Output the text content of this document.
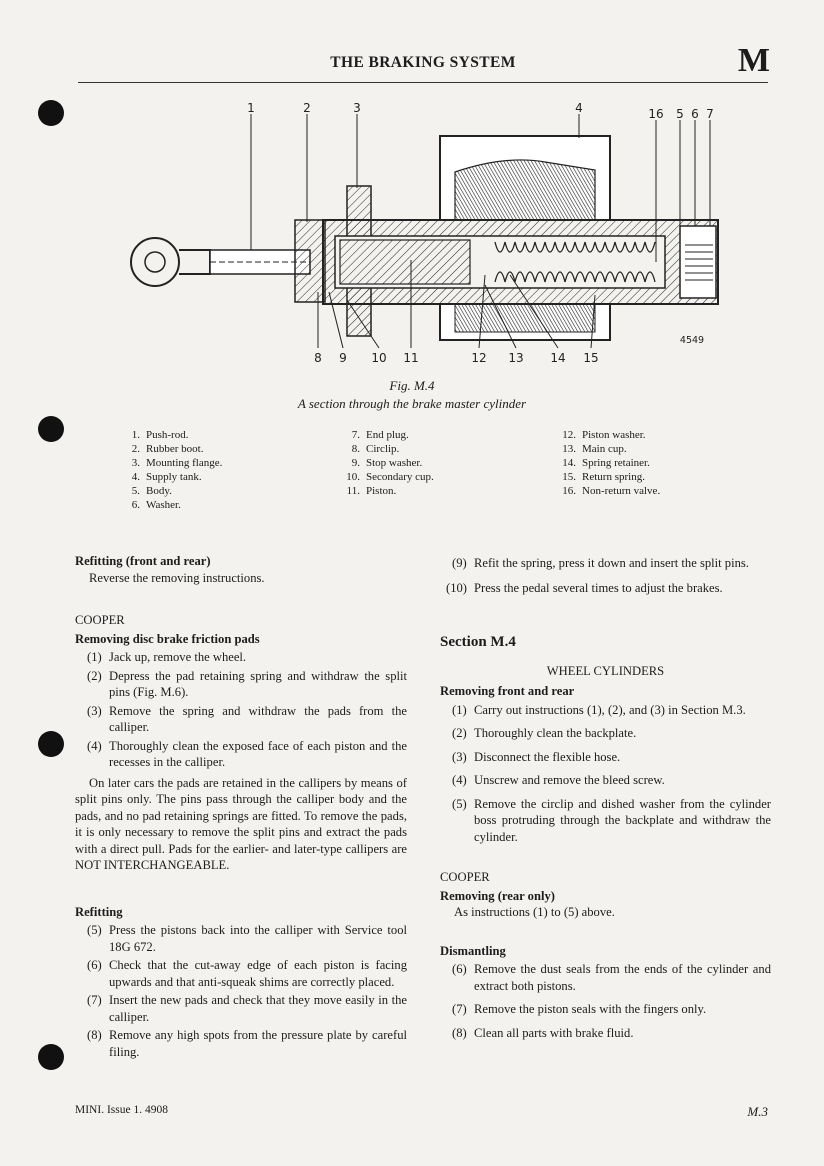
THE BRAKING SYSTEM	M
1	2	3	4	16 5 6 7
8 9 10 11	12 13 14 15
4549
Fig. M.4
A section through the brake master cylinder
1. Push-rod.
2. Rubber boot.
3. Mounting flange.
4. Supply tank.
5. Body.
6. Washer.
7. End plug.
8. Circlip.
9. Stop washer.
10. Secondary cup.
11. Piston.
12. Piston washer.
13. Main cup.
14. Spring retainer.
15. Return spring.
16. Non-return valve.
Refitting (front and rear)
Reverse the removing instructions.
COOPER
Removing disc brake friction pads
(1) Jack up, remove the wheel.
(2) Depress the pad retaining spring and withdraw the split pins (Fig. M.6).
(3) Remove the spring and withdraw the pads from the calliper.
(4) Thoroughly clean the exposed face of each piston and the recesses in the calliper.
On later cars the pads are retained in the callipers by means of split pins only. The pins pass through the calliper body and the pads, and no pad retaining springs are fitted. To remove the pads, it is only necessary to remove the split pins and extract the pads with a direct pull. Pads for the earlier- and later-type callipers are NOT INTERCHANGEABLE.
Refitting
(5) Press the pistons back into the calliper with Service tool 18G 672.
(6) Check that the cut-away edge of each piston is facing upwards and that anti-squeak shims are correctly placed.
(7) Insert the new pads and check that they move easily in the calliper.
(8) Remove any high spots from the pressure plate by careful filing.
(9) Refit the spring, press it down and insert the split pins.
(10) Press the pedal several times to adjust the brakes.
Section M.4
WHEEL CYLINDERS
Removing front and rear
(1) Carry out instructions (1), (2), and (3) in Section M.3.
(2) Thoroughly clean the backplate.
(3) Disconnect the flexible hose.
(4) Unscrew and remove the bleed screw.
(5) Remove the circlip and dished washer from the cylinder boss protruding through the backplate and withdraw the cylinder.
COOPER
Removing (rear only)
As instructions (1) to (5) above.
Dismantling
(6) Remove the dust seals from the ends of the cylinder and extract both pistons.
(7) Remove the piston seals with the fingers only.
(8) Clean all parts with brake fluid.
MINI. Issue 1. 4908	M.3
